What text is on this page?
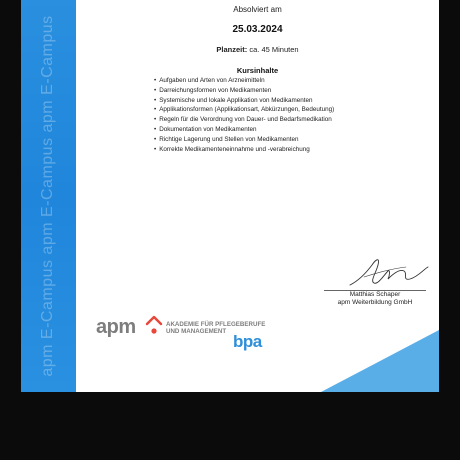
apm E-Campus apm E-Campus apm E-Campus
Absolviert am
25.03.2024
Planzeit: ca. 45 Minuten
Kursinhalte
• Aufgaben und Arten von Arzneimitteln
• Darreichungsformen von Medikamenten
• Systemische und lokale Applikation von Medikamenten
• Applikationsformen (Applikationsart, Abkürzungen, Bedeutung)
• Regeln für die Verordnung von Dauer- und Bedarfsmedikation
• Dokumentation von Medikamenten
• Richtige Lagerung und Stellen von Medikamenten
• Korrekte Medikamenteneinnahme und -verabreichung
Matthias Schaper
apm Weiterbildung GmbH
apm	AKADEMIE FÜR PFLEGEBERUFE
UND MANAGEMENT
bpa
